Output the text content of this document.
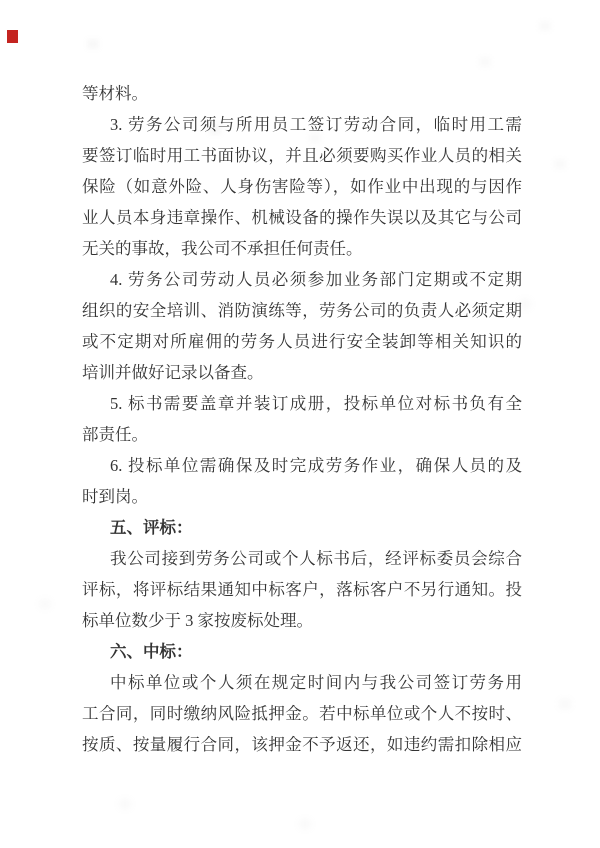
等材料。
3. 劳务公司须与所用员工签订劳动合同，临时用工需
要签订临时用工书面协议，并且必须要购买作业人员的相关
保险（如意外险、人身伤害险等），如作业中出现的与因作
业人员本身违章操作、机械设备的操作失误以及其它与公司
无关的事故，我公司不承担任何责任。
4. 劳务公司劳动人员必须参加业务部门定期或不定期
组织的安全培训、消防演练等，劳务公司的负责人必须定期
或不定期对所雇佣的劳务人员进行安全装卸等相关知识的
培训并做好记录以备查。
5. 标书需要盖章并装订成册，投标单位对标书负有全
部责任。
6. 投标单位需确保及时完成劳务作业，确保人员的及
时到岗。
五、评标：
我公司接到劳务公司或个人标书后，经评标委员会综合
评标，将评标结果通知中标客户，落标客户不另行通知。投
标单位数少于 3 家按废标处理。
六、中标：
中标单位或个人须在规定时间内与我公司签订劳务用
工合同，同时缴纳风险抵押金。若中标单位或个人不按时、
按质、按量履行合同，该押金不予返还，如违约需扣除相应
